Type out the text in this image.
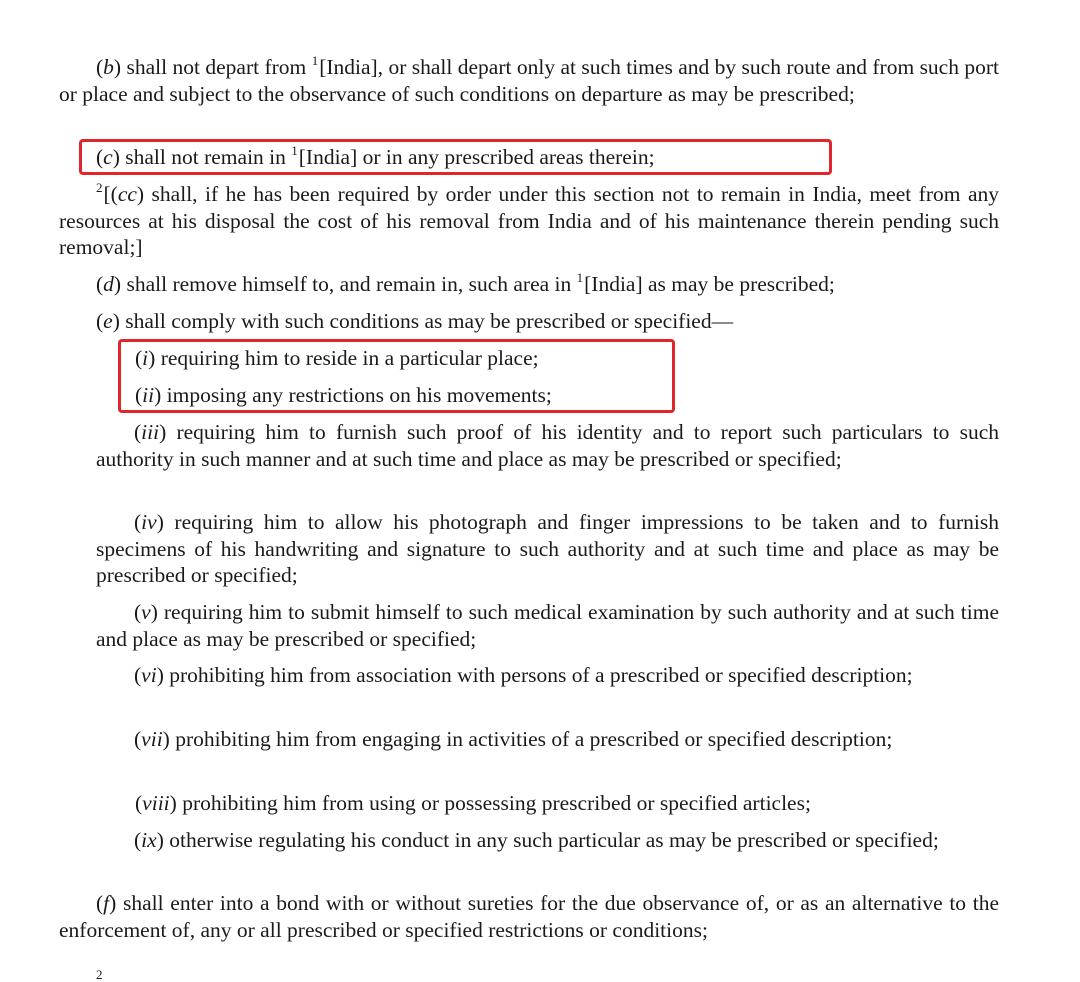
(b) shall not depart from $^1$[India], or shall depart only at such times and by such route and from such port or place and subject to the observance of such conditions on departure as may be prescribed;

(c) shall not remain in $^1$[India] or in any prescribed areas therein;

$^2$[(cc) shall, if he has been required by order under this section not to remain in India, meet from any resources at his disposal the cost of his removal from India and of his maintenance therein pending such removal;]

(d) shall remove himself to, and remain in, such area in $^1$[India] as may be prescribed;

(e) shall comply with such conditions as may be prescribed or specified—

(i) requiring him to reside in a particular place;

(ii) imposing any restrictions on his movements;

(iii) requiring him to furnish such proof of his identity and to report such particulars to such authority in such manner and at such time and place as may be prescribed or specified;

(iv) requiring him to allow his photograph and finger impressions to be taken and to furnish specimens of his handwriting and signature to such authority and at such time and place as may be prescribed or specified;

(v) requiring him to submit himself to such medical examination by such authority and at such time and place as may be prescribed or specified;

(vi) prohibiting him from association with persons of a prescribed or specified description;

(vii) prohibiting him from engaging in activities of a prescribed or specified description;

(viii) prohibiting him from using or possessing prescribed or specified articles;

(ix) otherwise regulating his conduct in any such particular as may be prescribed or specified;

(f) shall enter into a bond with or without sureties for the due observance of, or as an alternative to the enforcement of, any or all prescribed or specified restrictions or conditions;

2
